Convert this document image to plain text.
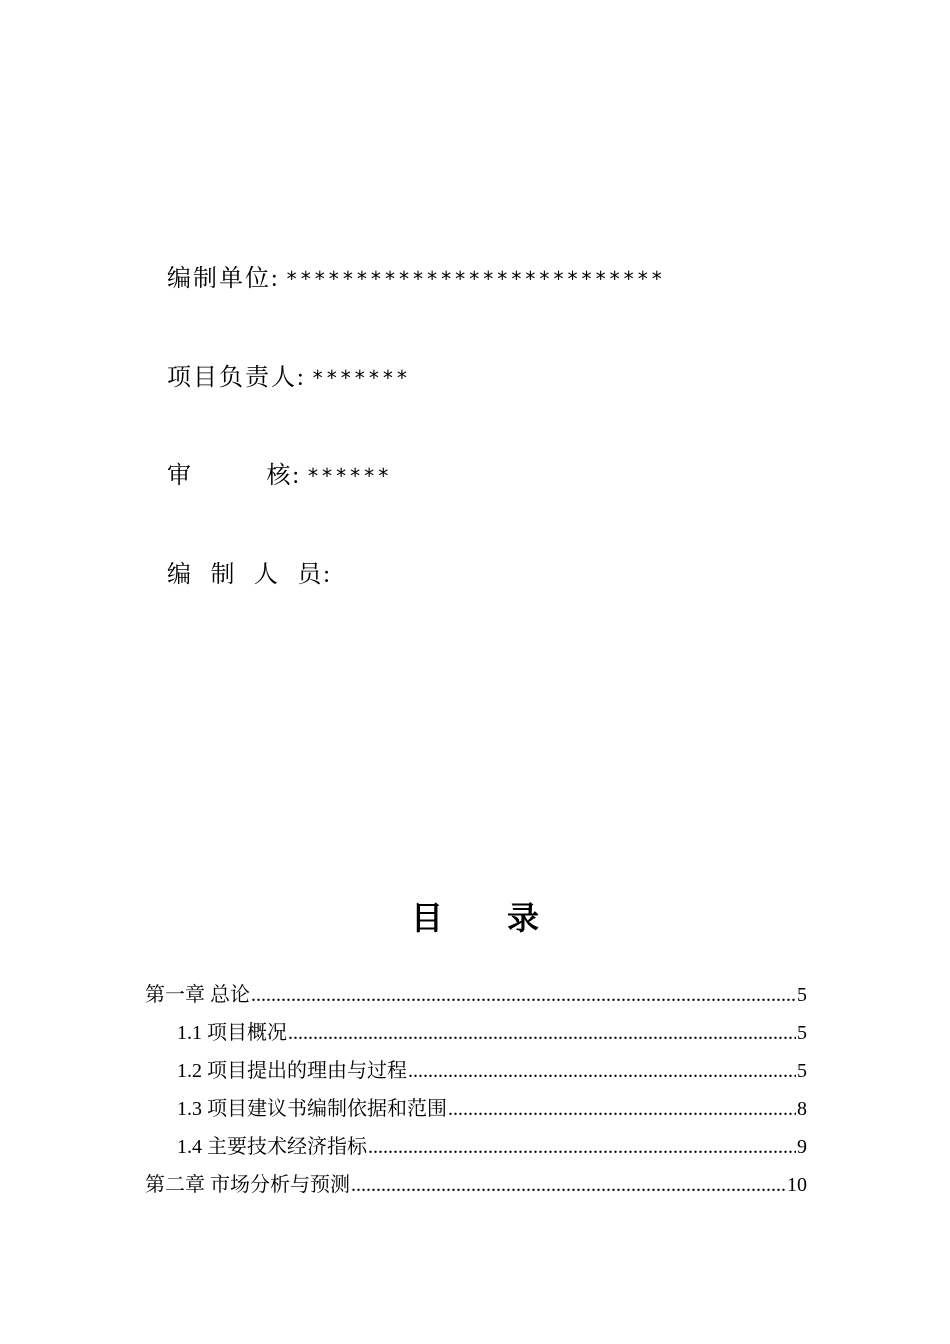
编制单位: ***************************
项目负责人: *******
审	核: ******
编 制 人 员:
目录
第一章 总论 .....	5
1.1 项目概况 .....	5
1.2 项目提出的理由与过程 .....	5
1.3 项目建议书编制依据和范围 .....	8
1.4 主要技术经济指标 .....	9
第二章 市场分析与预测 .....	10
